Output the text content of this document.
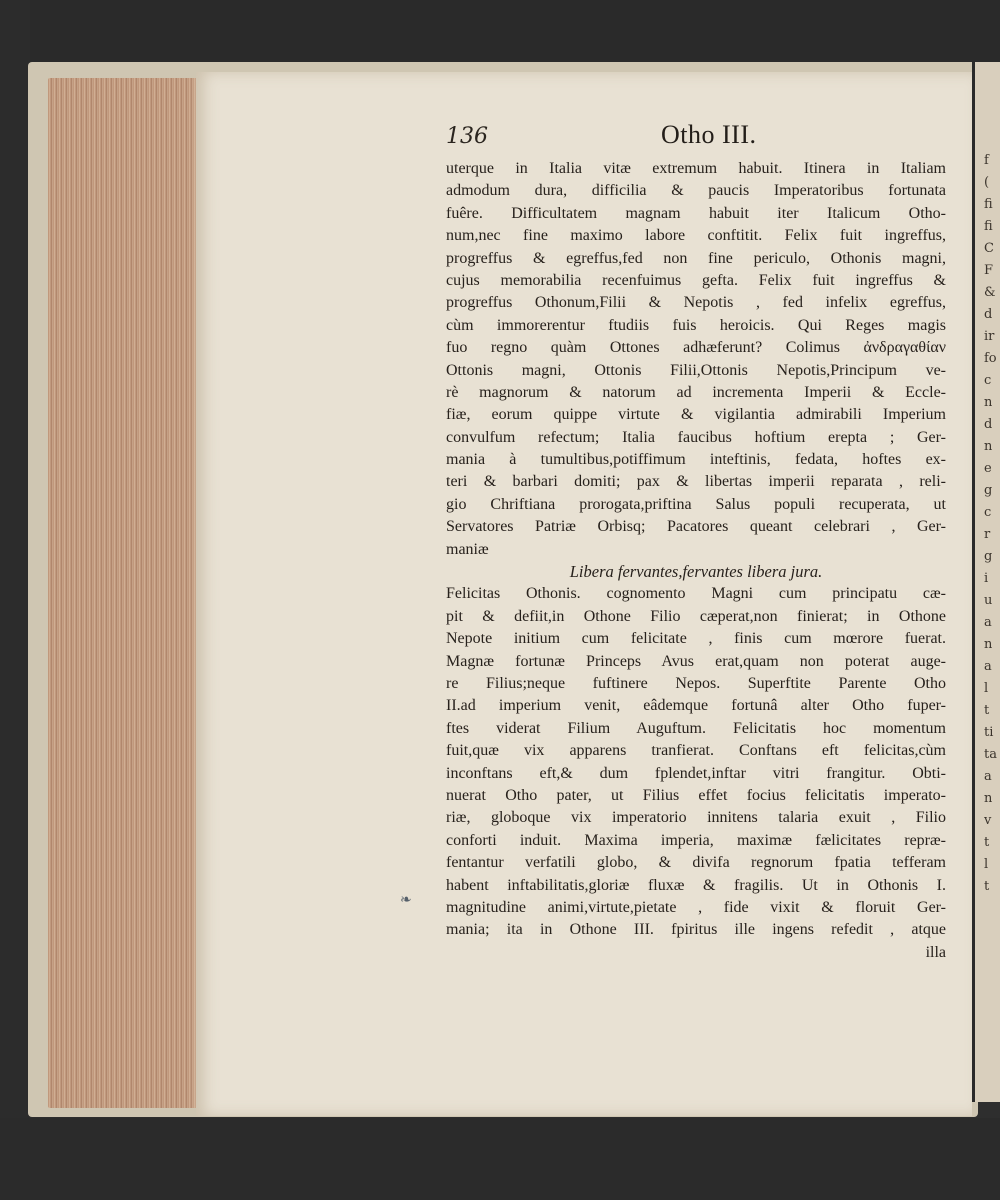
f
(
fi
fi
C
F
&
d
ir
fo
c
n
d
n
e
g
c
r
g
i
u
a
n
a
l
t
ti
ta
a
n
v
t
l
t
136	Otho III.
uterque in Italia vitæ extremum habuit. Itinera in Italiam
admodum dura, difficilia & paucis Imperatoribus fortunata
fuêre. Difficultatem magnam habuit iter Italicum Otho-
num,nec fine maximo labore conftitit. Felix fuit ingreffus,
progreffus & egreffus,fed non fine periculo, Othonis magni,
cujus memorabilia recenfuimus gefta. Felix fuit ingreffus &
progreffus Othonum,Filii & Nepotis , fed infelix egreffus,
cùm immorerentur ftudiis fuis heroicis. Qui Reges magis
fuo regno quàm Ottones adhæferunt? Colimus ἀνδραγαθίαν
Ottonis magni, Ottonis Filii,Ottonis Nepotis,Principum ve-
rè magnorum & natorum ad incrementa Imperii & Eccle-
fiæ, eorum quippe virtute & vigilantia admirabili Imperium
convulfum refectum; Italia faucibus hoftium erepta ; Ger-
mania à tumultibus,potiffimum inteftinis, fedata, hoftes ex-
teri & barbari domiti; pax & libertas imperii reparata , reli-
gio Chriftiana prorogata,priftina Salus populi recuperata, ut
Servatores Patriæ Orbisq; Pacatores queant celebrari , Ger-
maniæ
Libera fervantes,fervantes libera jura.
Felicitas Othonis. cognomento Magni cum principatu cæ-
pit & defiit,in Othone Filio cæperat,non finierat; in Othone
Nepote initium cum felicitate , finis cum mœrore fuerat.
Magnæ fortunæ Princeps Avus erat,quam non poterat auge-
re Filius;neque fuftinere Nepos. Superftite Parente Otho
II.ad imperium venit, eâdemque fortunâ alter Otho fuper-
ftes viderat Filium Auguftum. Felicitatis hoc momentum
fuit,quæ vix apparens tranfierat. Conftans eft felicitas,cùm
inconftans eft,& dum fplendet,inftar vitri frangitur. Obti-
nuerat Otho pater, ut Filius effet focius felicitatis imperato-
riæ, globoque vix imperatorio innitens talaria exuit , Filio
conforti induit. Maxima imperia, maximæ fælicitates repræ-
fentantur verfatili globo, & divifa regnorum fpatia tefferam
habent inftabilitatis,gloriæ fluxæ & fragilis. Ut in Othonis I.
magnitudine animi,virtute,pietate , fide vixit & floruit Ger-
mania; ita in Othone III. fpiritus ille ingens refedit , atque
illa
❧
